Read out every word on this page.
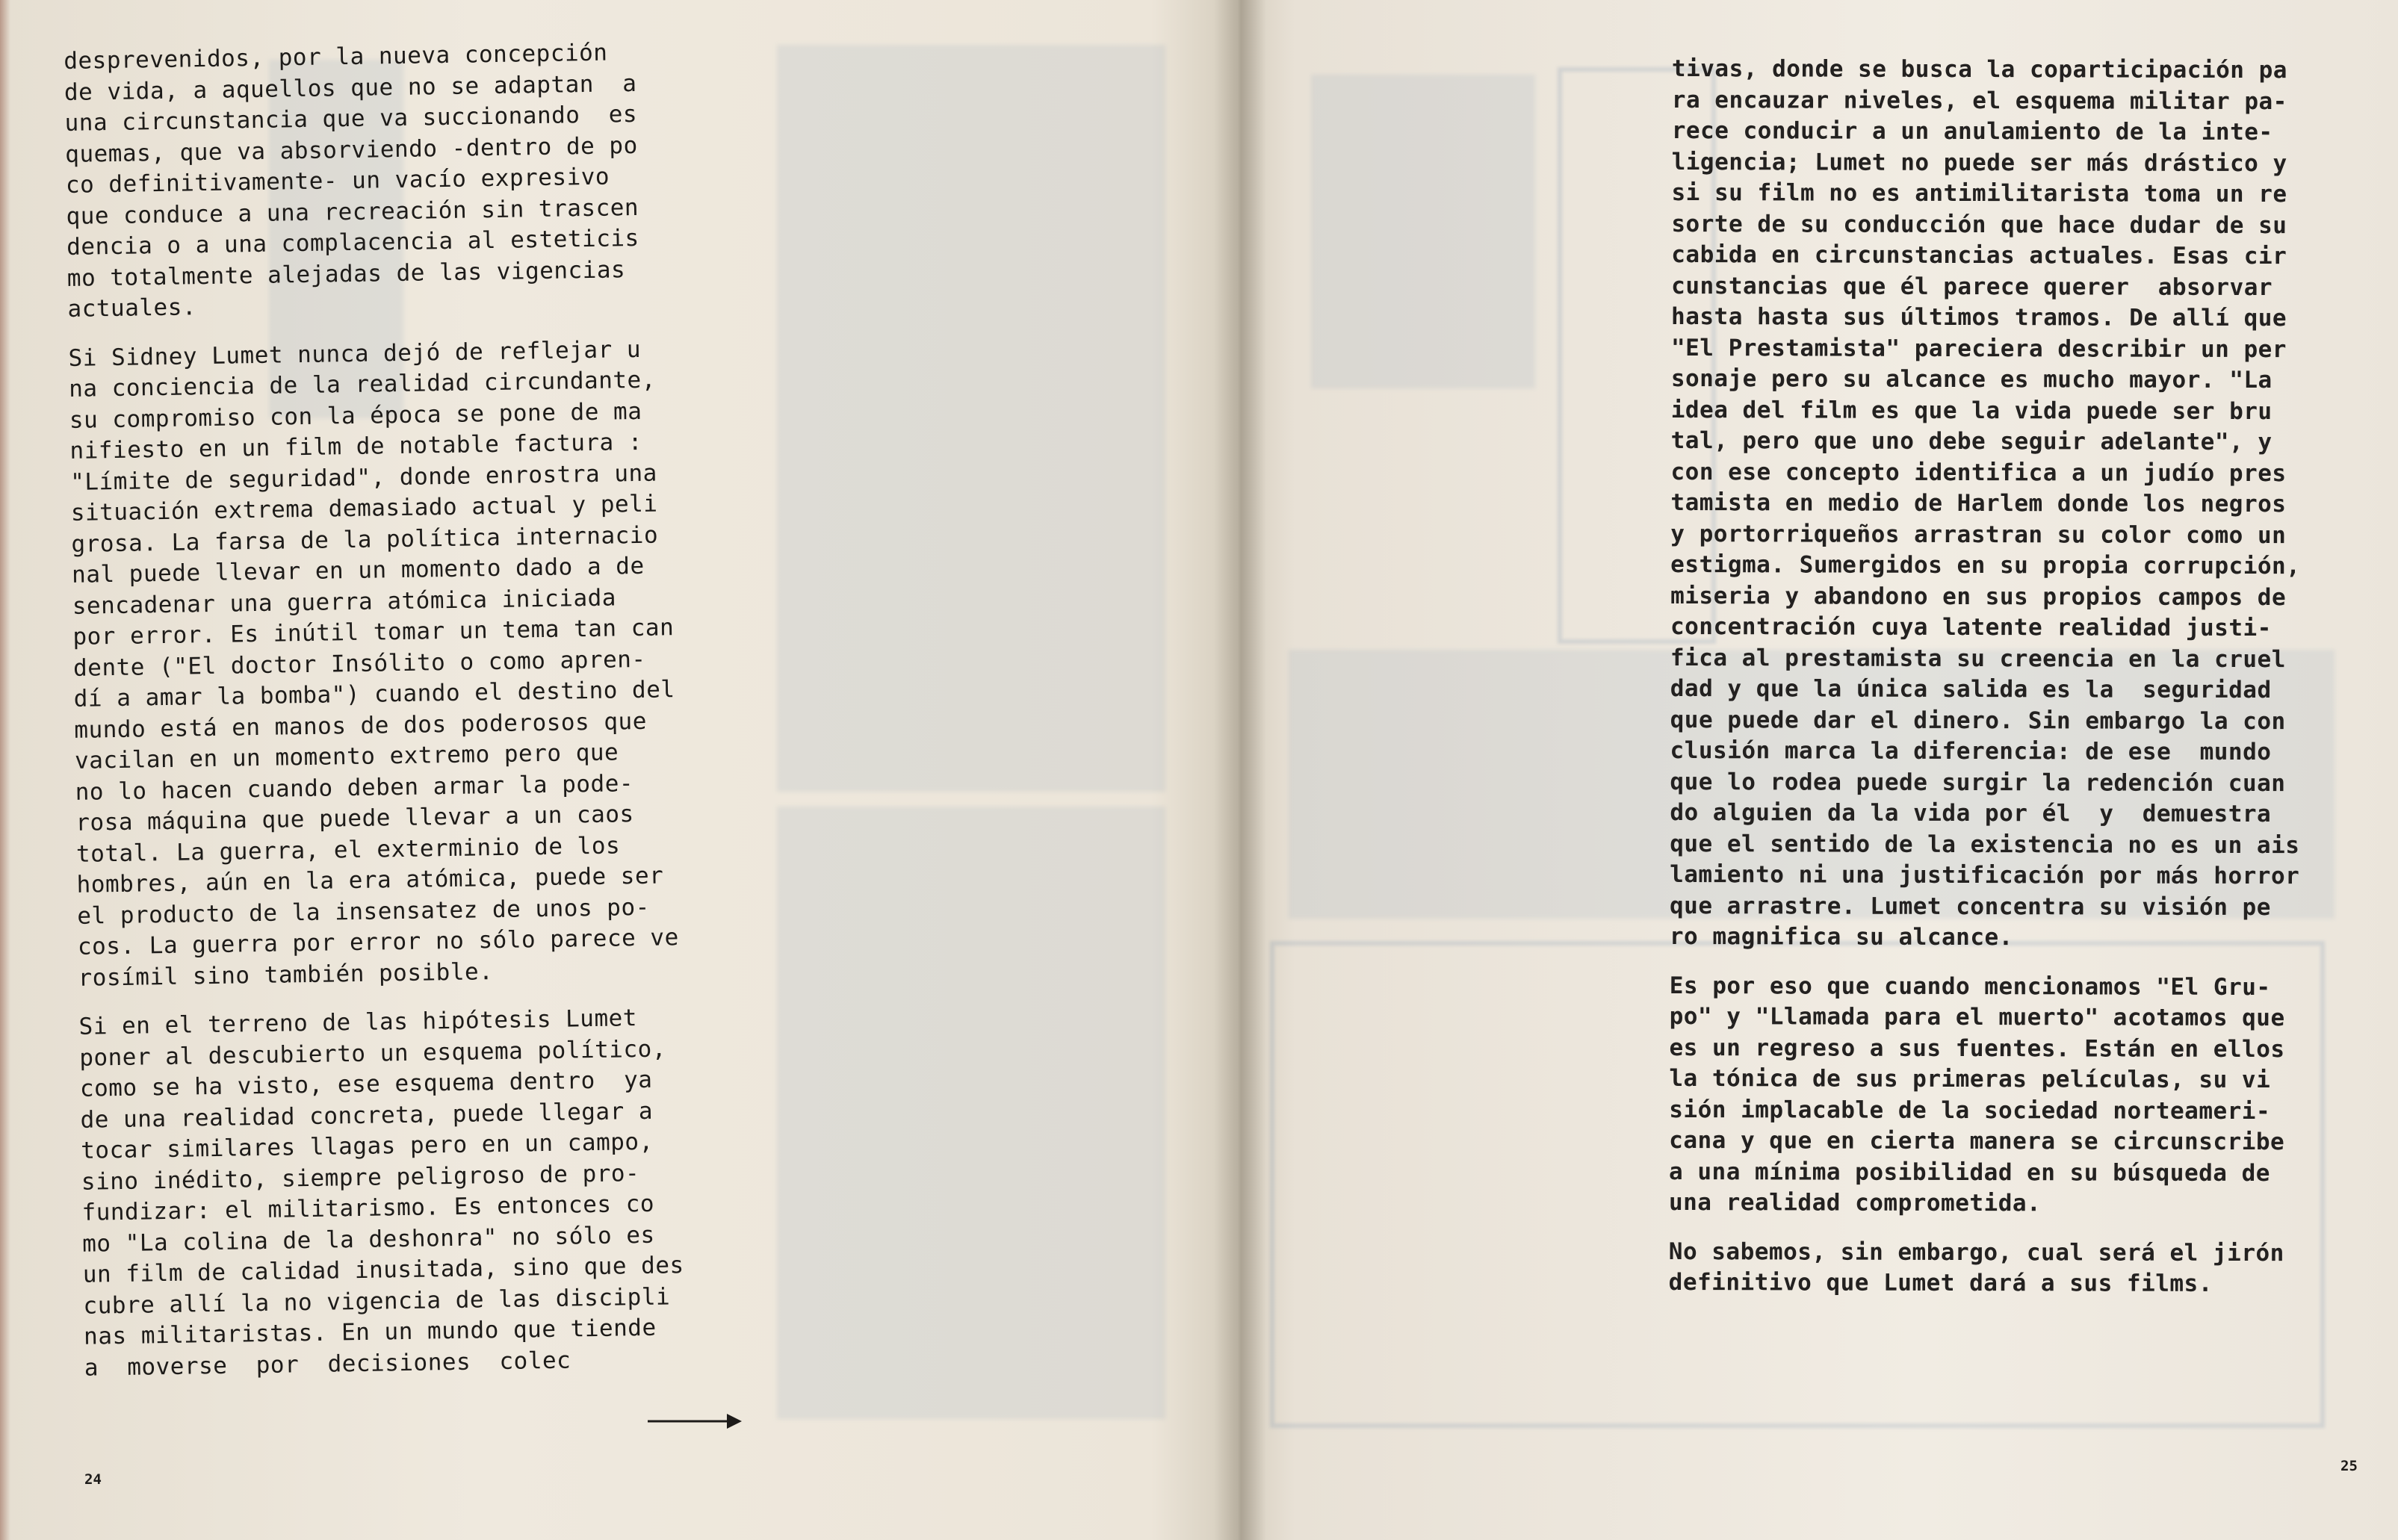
desprevenidos, por la nueva concepción
de vida, a aquellos que no se adaptan  a
una circunstancia que va succionando  es
quemas, que va absorviendo -dentro de po
co definitivamente- un vacío expresivo
que conduce a una recreación sin trascen
dencia o a una complacencia al esteticis
mo totalmente alejadas de las vigencias
actuales.
Si Sidney Lumet nunca dejó de reflejar u
na conciencia de la realidad circundante,
su compromiso con la época se pone de ma
nifiesto en un film de notable factura :
"Límite de seguridad", donde enrostra una
situación extrema demasiado actual y peli
grosa. La farsa de la política internacio
nal puede llevar en un momento dado a de
sencadenar una guerra atómica iniciada
por error. Es inútil tomar un tema tan can
dente ("El doctor Insólito o como apren-
dí a amar la bomba") cuando el destino del
mundo está en manos de dos poderosos que
vacilan en un momento extremo pero que
no lo hacen cuando deben armar la pode-
rosa máquina que puede llevar a un caos
total. La guerra, el exterminio de los
hombres, aún en la era atómica, puede ser
el producto de la insensatez de unos po-
cos. La guerra por error no sólo parece ve
rosímil sino también posible.
Si en el terreno de las hipótesis Lumet
poner al descubierto un esquema político,
como se ha visto, ese esquema dentro  ya
de una realidad concreta, puede llegar a
tocar similares llagas pero en un campo,
sino inédito, siempre peligroso de pro-
fundizar: el militarismo. Es entonces co
mo "La colina de la deshonra" no sólo es
un film de calidad inusitada, sino que des
cubre allí la no vigencia de las discipli
nas militaristas. En un mundo que tiende
a  moverse  por  decisiones  colec
24
25
tivas, donde se busca la coparticipación pa
ra encauzar niveles, el esquema militar pa-
rece conducir a un anulamiento de la inte-
ligencia; Lumet no puede ser más drástico y
si su film no es antimilitarista toma un re
sorte de su conducción que hace dudar de su
cabida en circunstancias actuales. Esas cir
cunstancias que él parece querer  absorvar
hasta hasta sus últimos tramos. De allí que
"El Prestamista" pareciera describir un per
sonaje pero su alcance es mucho mayor. "La
idea del film es que la vida puede ser bru
tal, pero que uno debe seguir adelante", y
con ese concepto identifica a un judío pres
tamista en medio de Harlem donde los negros
y portorriqueños arrastran su color como un
estigma. Sumergidos en su propia corrupción,
miseria y abandono en sus propios campos de
concentración cuya latente realidad justi-
fica al prestamista su creencia en la cruel
dad y que la única salida es la  seguridad
que puede dar el dinero. Sin embargo la con
clusión marca la diferencia: de ese  mundo
que lo rodea puede surgir la redención cuan
do alguien da la vida por él  y  demuestra
que el sentido de la existencia no es un ais
lamiento ni una justificación por más horror
que arrastre. Lumet concentra su visión pe
ro magnifica su alcance.
Es por eso que cuando mencionamos "El Gru-
po" y "Llamada para el muerto" acotamos que
es un regreso a sus fuentes. Están en ellos
la tónica de sus primeras películas, su vi
sión implacable de la sociedad norteameri-
cana y que en cierta manera se circunscribe
a una mínima posibilidad en su búsqueda de
una realidad comprometida.
No sabemos, sin embargo, cual será el jirón
definitivo que Lumet dará a sus films.
